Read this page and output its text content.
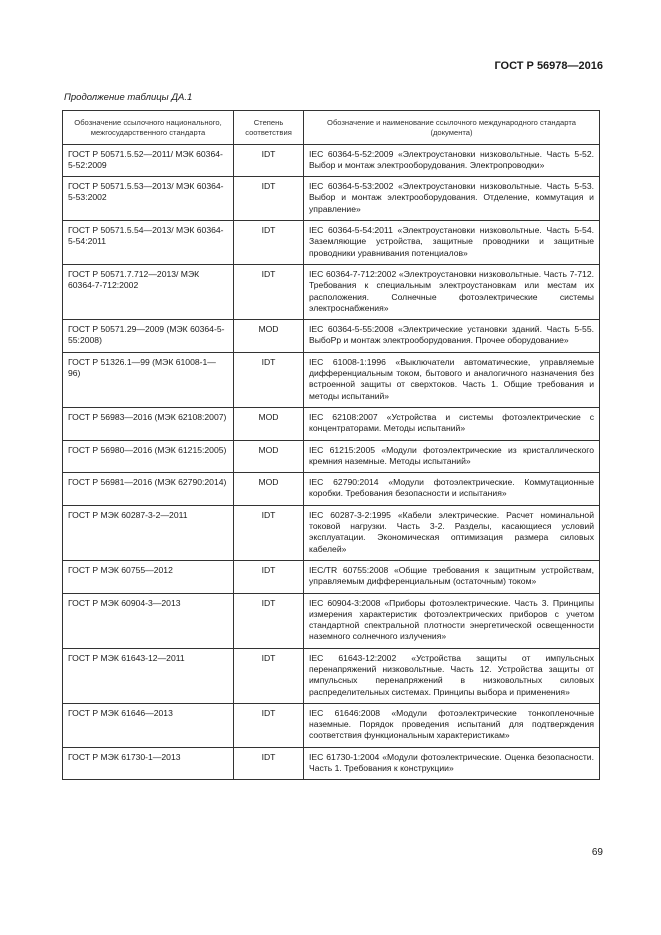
ГОСТ Р 56978—2016
Продолжение таблицы ДА.1
Обозначение ссылочного национального, межгосударственного стандарта	Степень соответствия	Обозначение и наименование ссылочного международного стандарта (документа)
ГОСТ Р 50571.5.52—2011/ МЭК 60364-5-52:2009	IDT	IEC 60364-5-52:2009 «Электроустановки низковольтные. Часть 5-52. Выбор и монтаж электрооборудования. Электропроводки»
ГОСТ Р 50571.5.53—2013/ МЭК 60364-5-53:2002	IDT	IEC 60364-5-53:2002 «Электроустановки низковольтные. Часть 5-53. Выбор и монтаж электрооборудования. Отделение, коммутация и управление»
ГОСТ Р 50571.5.54—2013/ МЭК 60364-5-54:2011	IDT	IEC 60364-5-54:2011 «Электроустановки низковольтные. Часть 5-54. Заземляющие устройства, защитные проводники и защитные проводники уравнивания потенциалов»
ГОСТ Р 50571.7.712—2013/ МЭК 60364-7-712:2002	IDT	IEC 60364-7-712:2002 «Электроустановки низковольтные. Часть 7-712. Требования к специальным электроустановкам или местам их расположения. Солнечные фотоэлектрические системы электроснабжения»
ГОСТ Р 50571.29—2009 (МЭК 60364-5-55:2008)	MOD	IEC 60364-5-55:2008 «Электрические установки зданий. Часть 5-55. ВыбоРр и монтаж электрооборудования. Прочее оборудование»
ГОСТ Р 51326.1—99 (МЭК 61008-1—96)	IDT	IEC 61008-1:1996 «Выключатели автоматические, управляемые дифференциальным током, бытового и аналогичного назначения без встроенной защиты от сверхтоков. Часть 1. Общие требования и методы испытаний»
ГОСТ Р 56983—2016 (МЭК 62108:2007)	MOD	IEC 62108:2007 «Устройства и системы фотоэлектрические с концентраторами. Методы испытаний»
ГОСТ Р 56980—2016 (МЭК 61215:2005)	MOD	IEC 61215:2005 «Модули фотоэлектрические из кристаллического кремния наземные. Методы испытаний»
ГОСТ Р 56981—2016 (МЭК 62790:2014)	MOD	IEC 62790:2014 «Модули фотоэлектрические. Коммутационные коробки. Требования безопасности и испытания»
ГОСТ Р МЭК 60287-3-2—2011	IDT	IEC 60287-3-2:1995 «Кабели электрические. Расчет номинальной токовой нагрузки. Часть 3-2. Разделы, касающиеся условий эксплуатации. Экономическая оптимизация размера силовых кабелей»
ГОСТ Р МЭК 60755—2012	IDT	IEC/TR 60755:2008 «Общие требования к защитным устройствам, управляемым дифференциальным (остаточным) током»
ГОСТ Р МЭК 60904-3—2013	IDT	IEC 60904-3:2008 «Приборы фотоэлектрические. Часть 3. Принципы измерения характеристик фотоэлектрических приборов с учетом стандартной спектральной плотности энергетической освещенности наземного солнечного излучения»
ГОСТ Р МЭК 61643-12—2011	IDT	IEC 61643-12:2002 «Устройства защиты от импульсных перенапряжений низковольтные. Часть 12. Устройства защиты от импульсных перенапряжений в низковольтных силовых распределительных системах. Принципы выбора и применения»
ГОСТ Р МЭК 61646—2013	IDT	IEC 61646:2008 «Модули фотоэлектрические тонкопленочные наземные. Порядок проведения испытаний для подтверждения соответствия функциональным характеристикам»
ГОСТ Р МЭК 61730-1—2013	IDT	IEC 61730-1:2004 «Модули фотоэлектрические. Оценка безопасности. Часть 1. Требования к конструкции»
69
